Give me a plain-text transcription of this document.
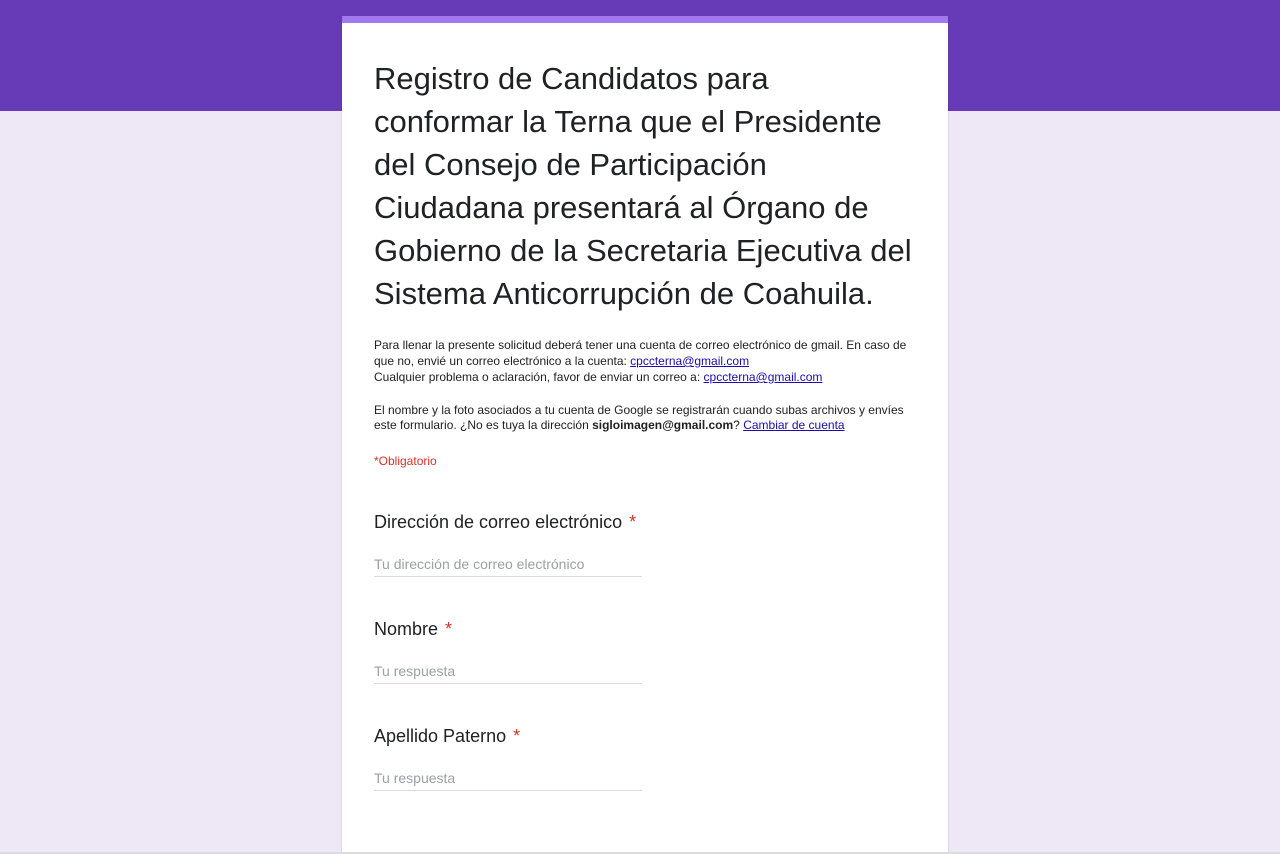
Registro de Candidatos para conformar la Terna que el Presidente del Consejo de Participación Ciudadana presentará al Órgano de Gobierno de la Secretaria Ejecutiva del Sistema Anticorrupción de Coahuila.

Para llenar la presente solicitud deberá tener una cuenta de correo electrónico de gmail. En caso de que no, envié un correo electrónico a la cuenta: cpccterna@gmail.com

Cualquier problema o aclaración, favor de enviar un correo a: cpccterna@gmail.com

El nombre y la foto asociados a tu cuenta de Google se registrarán cuando subas archivos y envíes este formulario. ¿No es tuya la dirección sigloimagen@gmail.com? Cambiar de cuenta
*Obligatorio
Dirección de correo electrónico *
Tu dirección de correo electrónico
Nombre *
Tu respuesta
Apellido Paterno *
Tu respuesta
